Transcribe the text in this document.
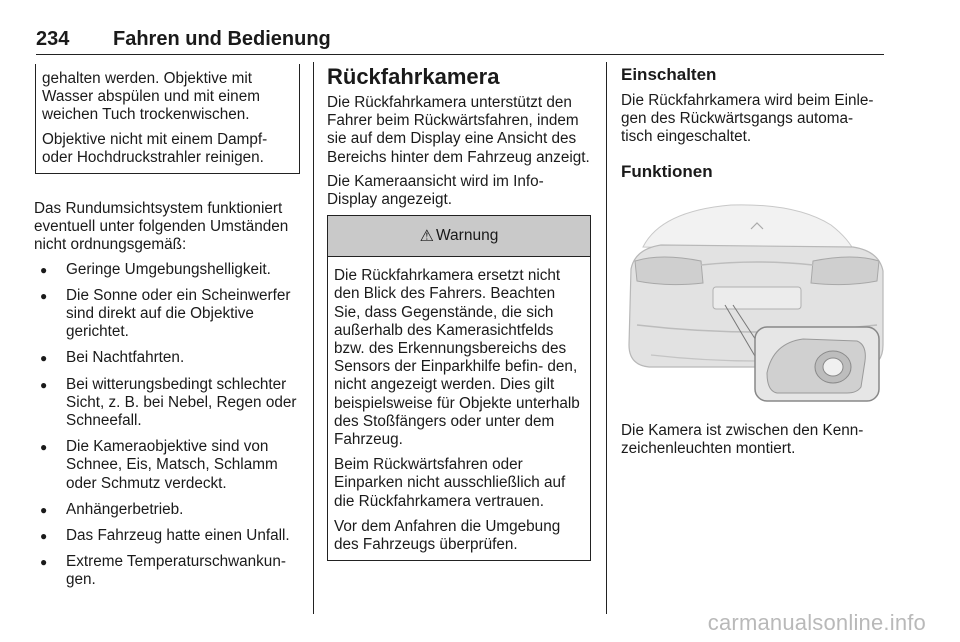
234 Fahren und Bedienung

gehalten werden. Objektive mit Wasser abspülen und mit einem weichen Tuch trockenwischen.

Objektive nicht mit einem Dampf- oder Hochdruckstrahler reinigen.

Das Rundumsichtsystem funktioniert eventuell unter folgenden Umständen nicht ordnungsgemäß:

● Geringe Umgebungshelligkeit.
● Die Sonne oder ein Scheinwerfer sind direkt auf die Objektive gerichtet.
● Bei Nachtfahrten.
● Bei witterungsbedingt schlechter Sicht, z. B. bei Nebel, Regen oder Schneefall.
● Die Kameraobjektive sind von Schnee, Eis, Matsch, Schlamm oder Schmutz verdeckt.
● Anhängerbetrieb.
● Das Fahrzeug hatte einen Unfall.
● Extreme Temperaturschwankun- gen.
Rückfahrkamera

Die Rückfahrkamera unterstützt den Fahrer beim Rückwärtsfahren, indem sie auf dem Display eine Ansicht des Bereichs hinter dem Fahrzeug anzeigt.

Die Kameraansicht wird im Info- Display angezeigt.

⚠ Warnung

Die Rückfahrkamera ersetzt nicht den Blick des Fahrers. Beachten Sie, dass Gegenstände, die sich außerhalb des Kamerasichtfelds bzw. des Erkennungsbereichs des Sensors der Einparkhilfe befin- den, nicht angezeigt werden. Dies gilt beispielsweise für Objekte unterhalb des Stoßfängers oder unter dem Fahrzeug.

Beim Rückwärtsfahren oder Einparken nicht ausschließlich auf die Rückfahrkamera vertrauen.

Vor dem Anfahren die Umgebung des Fahrzeugs überprüfen.

Einschalten

Die Rückfahrkamera wird beim Einle- gen des Rückwärtsgangs automa- tisch eingeschaltet.

Funktionen

Die Kamera ist zwischen den Kenn- zeichenleuchten montiert.

carmanualsonline.info
